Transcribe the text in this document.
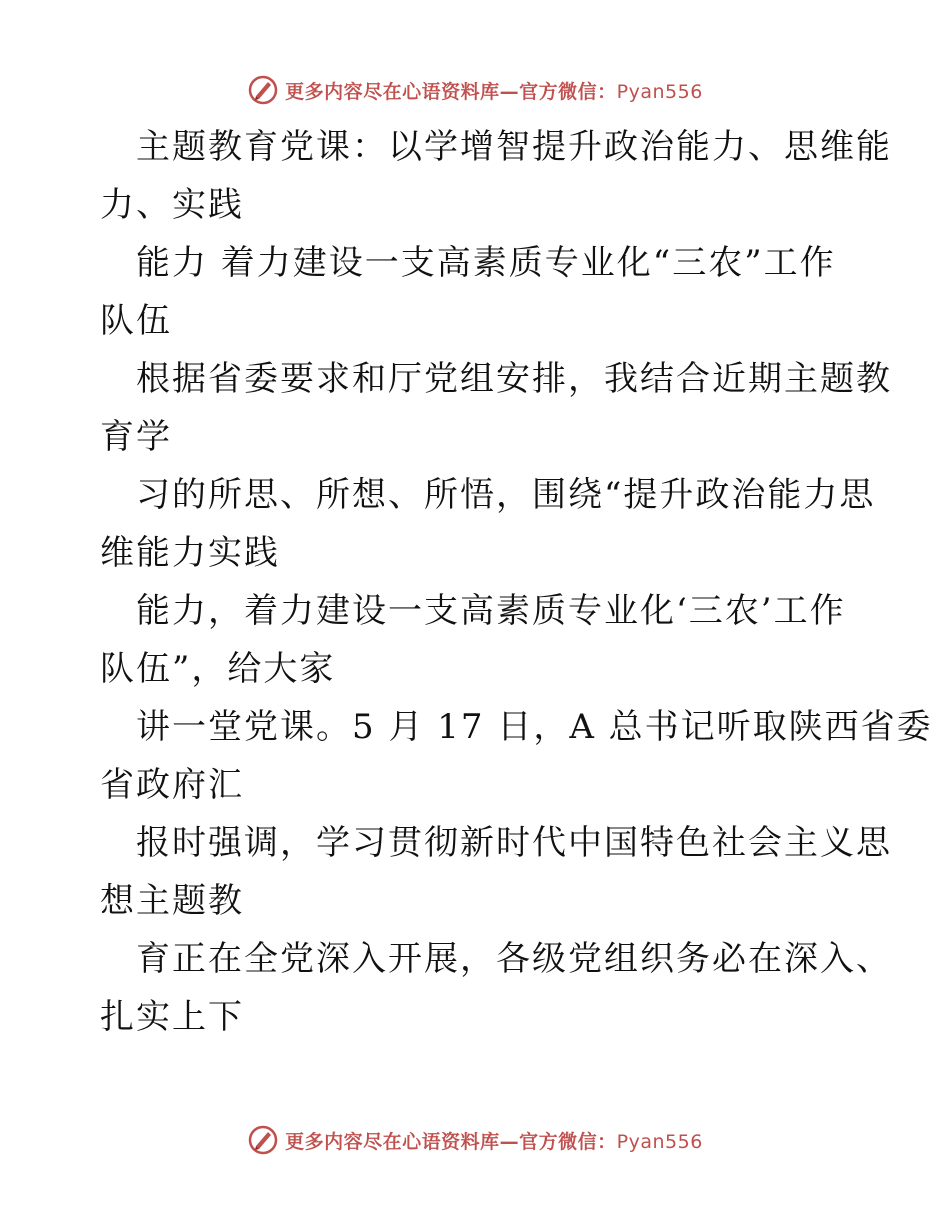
更多内容尽在心语资料库—官方微信：Pyan556
主题教育党课：以学增智提升政治能力、思维能
力、实践
能力 着力建设一支高素质专业化“三农”工作
队伍
根据省委要求和厅党组安排，我结合近期主题教
育学
习的所思、所想、所悟，围绕“提升政治能力思
维能力实践
能力，着力建设一支高素质专业化‘三农’工作
队伍”，给大家
讲一堂党课。5 月 17 日，A 总书记听取陕西省委
省政府汇
报时强调，学习贯彻新时代中国特色社会主义思
想主题教
育正在全党深入开展，各级党组织务必在深入、
扎实上下
更多内容尽在心语资料库—官方微信：Pyan556
